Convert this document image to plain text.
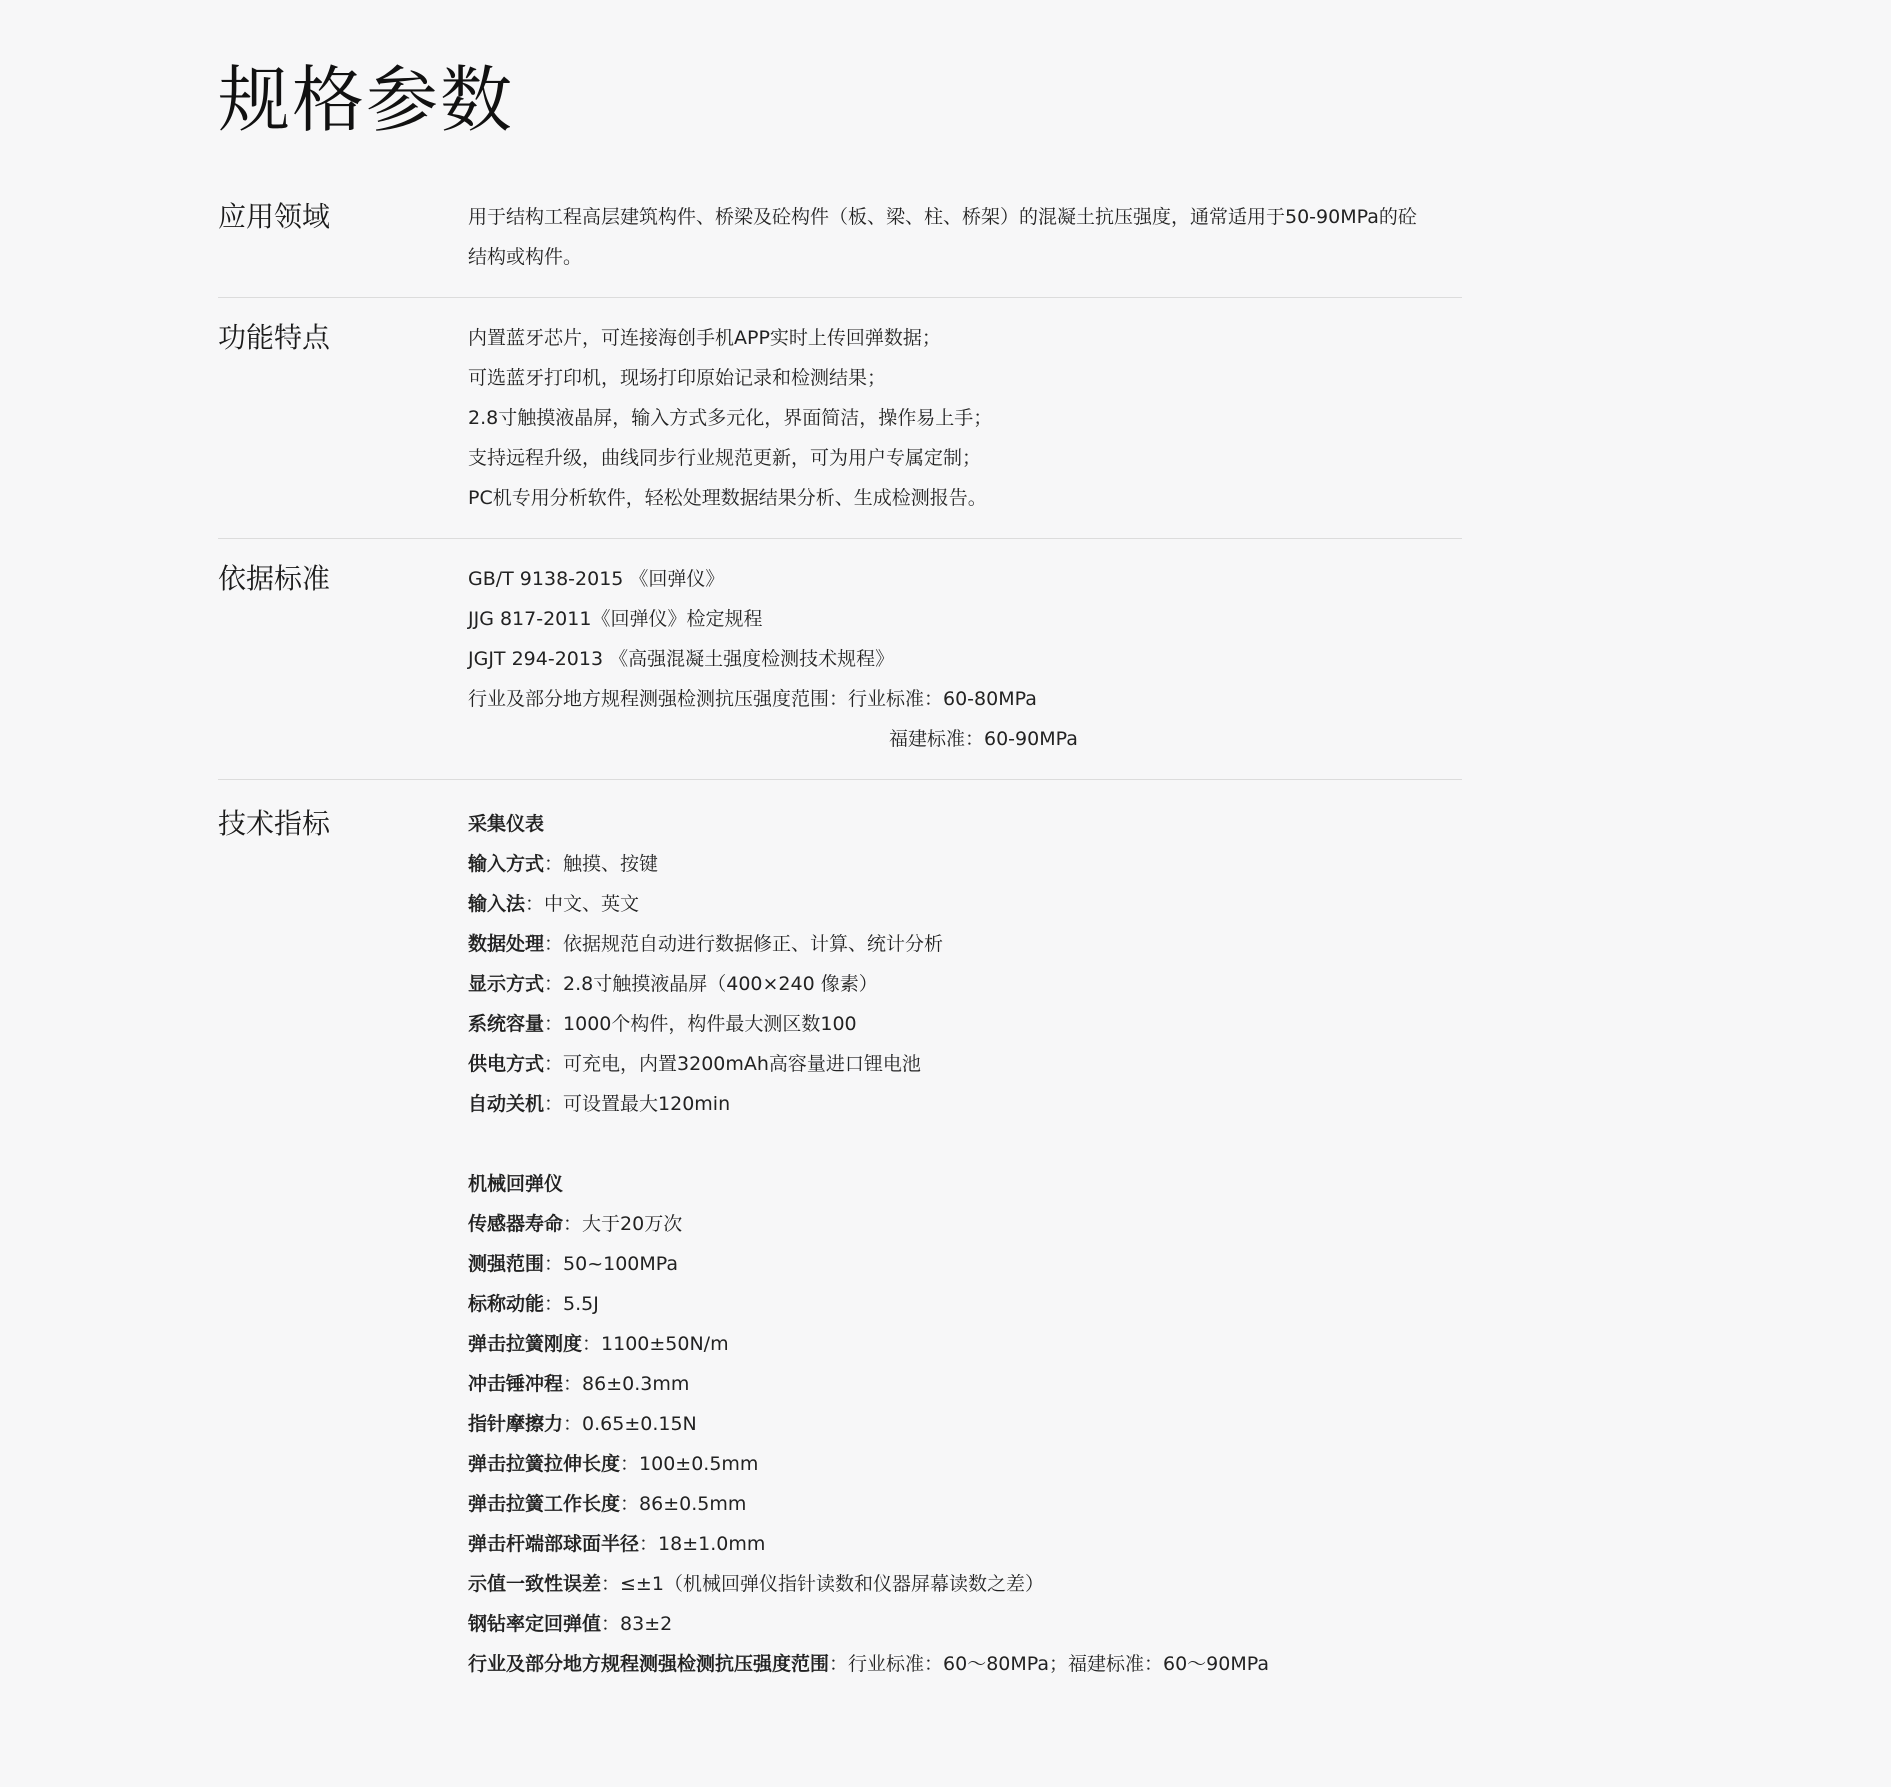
规格参数
应用领域	用于结构工程高层建筑构件、桥梁及砼构件（板、梁、柱、桥架）的混凝土抗压强度，通常适用于50-90MPa的砼结构或构件。
功能特点	内置蓝牙芯片，可连接海创手机APP实时上传回弹数据；
可选蓝牙打印机，现场打印原始记录和检测结果；
2.8寸触摸液晶屏，输入方式多元化，界面简洁，操作易上手；
支持远程升级，曲线同步行业规范更新，可为用户专属定制；
PC机专用分析软件，轻松处理数据结果分析、生成检测报告。
依据标准	GB/T 9138-2015 《回弹仪》
JJG 817-2011《回弹仪》检定规程
JGJT 294-2013 《高强混凝土强度检测技术规程》
行业及部分地方规程测强检测抗压强度范围：行业标准：60-80MPa
福建标准：60-90MPa
技术指标	采集仪表
输入方式：触摸、按键
输入法：中文、英文
数据处理：依据规范自动进行数据修正、计算、统计分析
显示方式：2.8寸触摸液晶屏（400×240 像素）
系统容量：1000个构件，构件最大测区数100
供电方式：可充电，内置3200mAh高容量进口锂电池
自动关机：可设置最大120min
机械回弹仪
传感器寿命：大于20万次
测强范围：50~100MPa
标称动能：5.5J
弹击拉簧刚度：1100±50N/m
冲击锤冲程：86±0.3mm
指针摩擦力：0.65±0.15N
弹击拉簧拉伸长度：100±0.5mm
弹击拉簧工作长度：86±0.5mm
弹击杆端部球面半径：18±1.0mm
示值一致性误差：≤±1（机械回弹仪指针读数和仪器屏幕读数之差）
钢钻率定回弹值：83±2
行业及部分地方规程测强检测抗压强度范围：行业标准：60～80MPa；福建标准：60～90MPa
